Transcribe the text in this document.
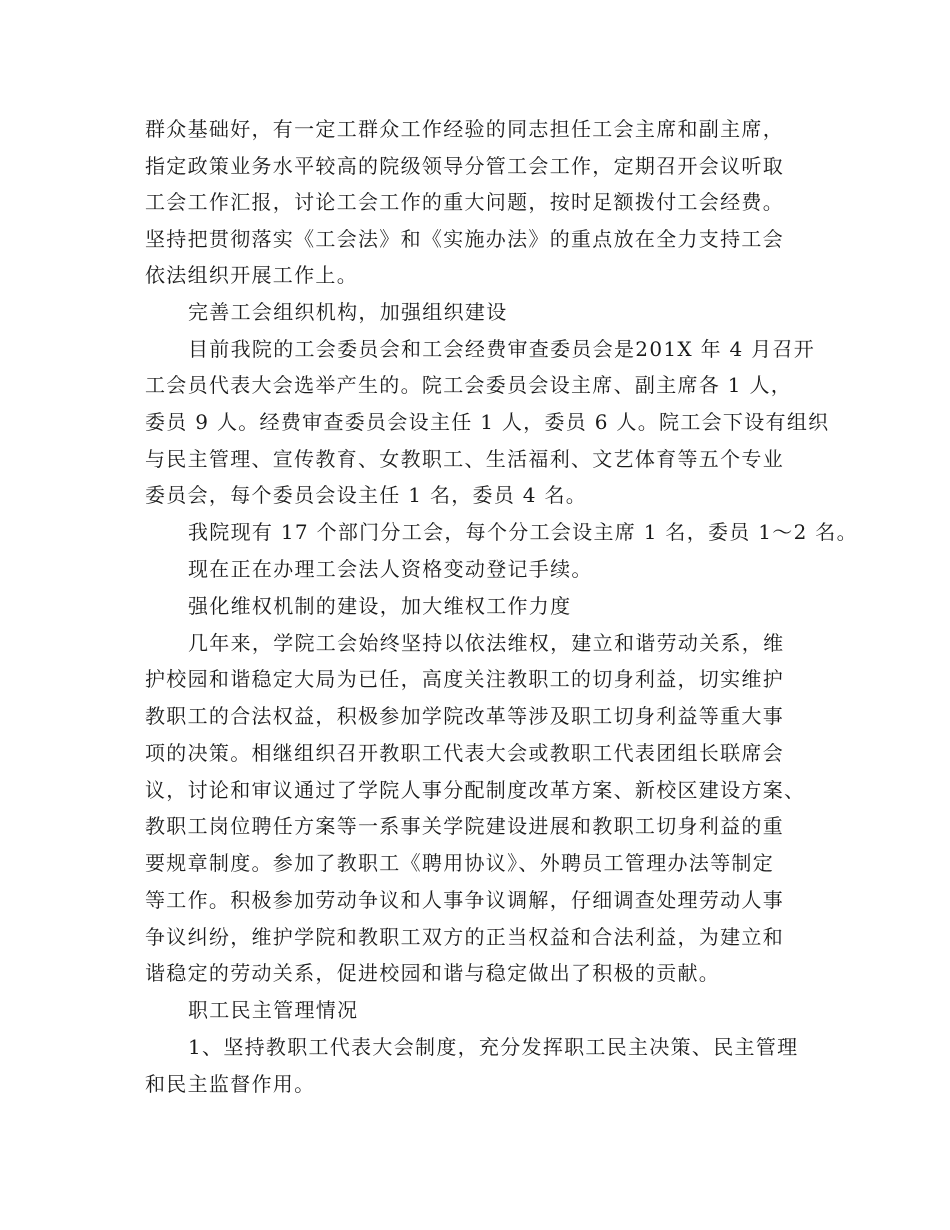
群众基础好，有一定工群众工作经验的同志担任工会主席和副主席，
指定政策业务水平较高的院级领导分管工会工作，定期召开会议听取
工会工作汇报，讨论工会工作的重大问题，按时足额拨付工会经费。
坚持把贯彻落实《工会法》和《实施办法》的重点放在全力支持工会
依法组织开展工作上。
完善工会组织机构，加强组织建设
目前我院的工会委员会和工会经费审查委员会是201X 年 4 月召开
工会员代表大会选举产生的。院工会委员会设主席、副主席各 1 人，
委员 9 人。经费审查委员会设主任 1 人，委员 6 人。院工会下设有组织
与民主管理、宣传教育、女教职工、生活福利、文艺体育等五个专业
委员会，每个委员会设主任 1 名，委员 4 名。
我院现有 17 个部门分工会，每个分工会设主席 1 名，委员 1～2 名。
现在正在办理工会法人资格变动登记手续。
强化维权机制的建设，加大维权工作力度
几年来，学院工会始终坚持以依法维权，建立和谐劳动关系，维
护校园和谐稳定大局为已任，高度关注教职工的切身利益，切实维护
教职工的合法权益，积极参加学院改革等涉及职工切身利益等重大事
项的决策。相继组织召开教职工代表大会或教职工代表团组长联席会
议，讨论和审议通过了学院人事分配制度改革方案、新校区建设方案、
教职工岗位聘任方案等一系事关学院建设进展和教职工切身利益的重
要规章制度。参加了教职工《聘用协议》、外聘员工管理办法等制定
等工作。积极参加劳动争议和人事争议调解，仔细调查处理劳动人事
争议纠纷，维护学院和教职工双方的正当权益和合法利益，为建立和
谐稳定的劳动关系，促进校园和谐与稳定做出了积极的贡献。
职工民主管理情况
1、坚持教职工代表大会制度，充分发挥职工民主决策、民主管理
和民主监督作用。
